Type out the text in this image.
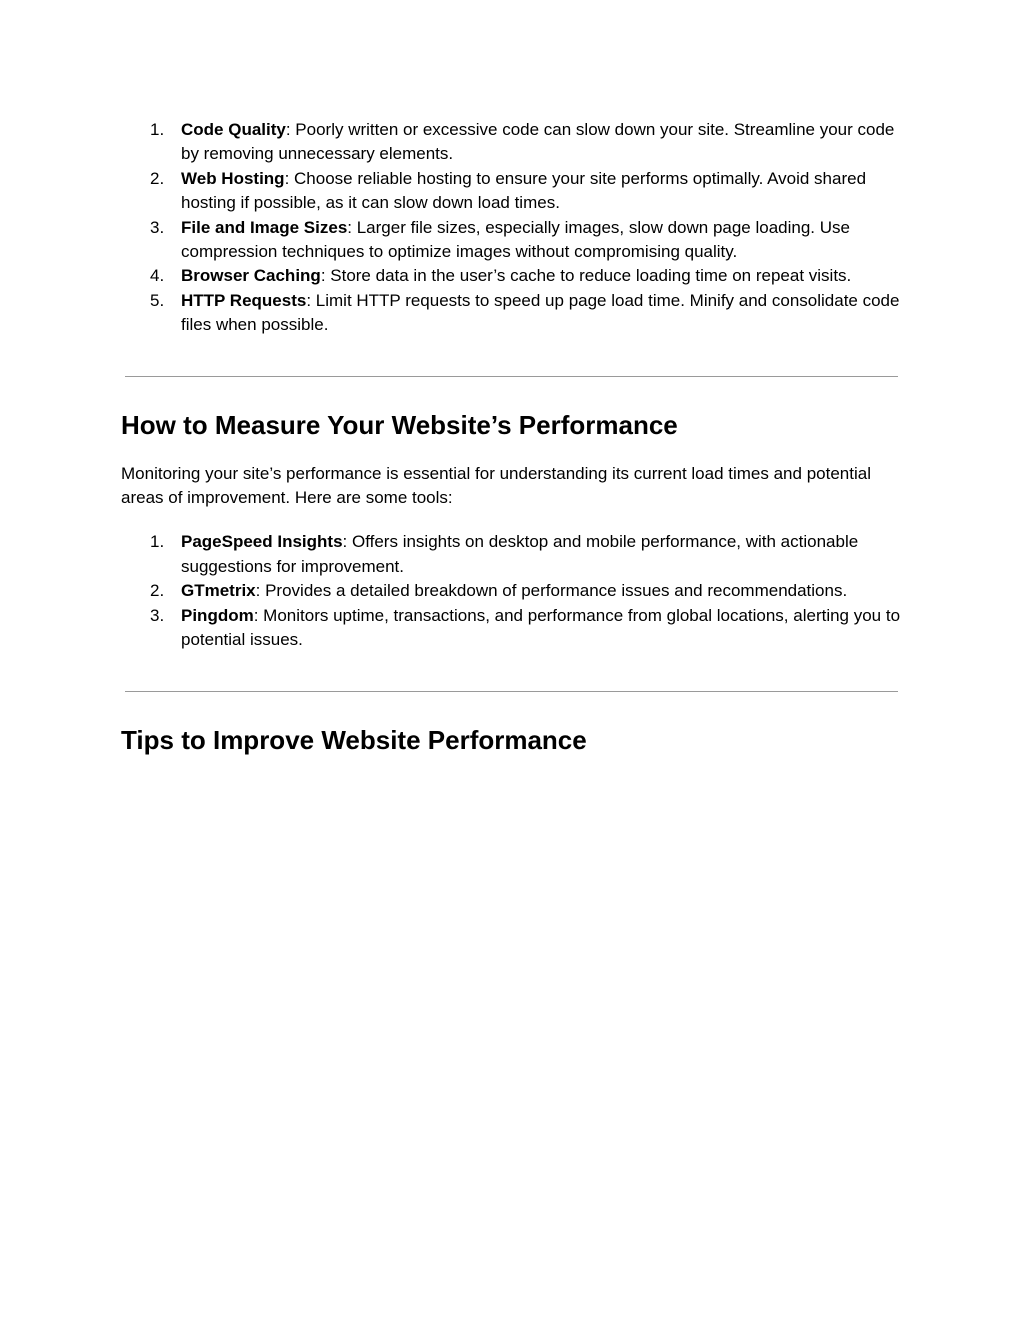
1. Code Quality: Poorly written or excessive code can slow down your site. Streamline your code by removing unnecessary elements.
2. Web Hosting: Choose reliable hosting to ensure your site performs optimally. Avoid shared hosting if possible, as it can slow down load times.
3. File and Image Sizes: Larger file sizes, especially images, slow down page loading. Use compression techniques to optimize images without compromising quality.
4. Browser Caching: Store data in the user’s cache to reduce loading time on repeat visits.
5. HTTP Requests: Limit HTTP requests to speed up page load time. Minify and consolidate code files when possible.
How to Measure Your Website’s Performance

Monitoring your site’s performance is essential for understanding its current load times and potential areas of improvement. Here are some tools:

1. PageSpeed Insights: Offers insights on desktop and mobile performance, with actionable suggestions for improvement.
2. GTmetrix: Provides a detailed breakdown of performance issues and recommendations.
3. Pingdom: Monitors uptime, transactions, and performance from global locations, alerting you to potential issues.
Tips to Improve Website Performance
